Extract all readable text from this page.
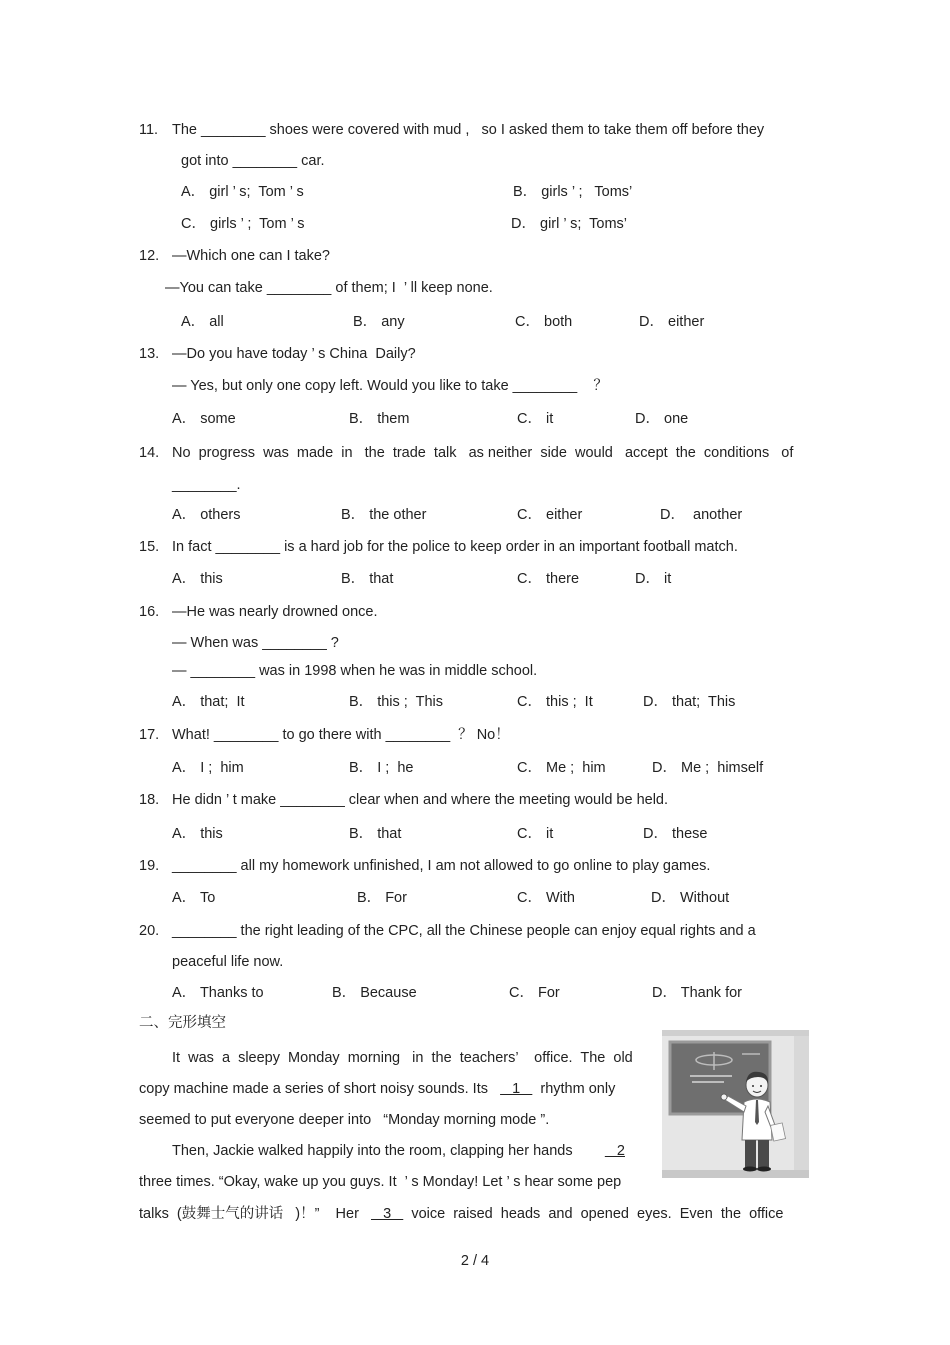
11. The ________ shoes were covered with mud ,   so I asked them to take them off before they
got into ________ car.
A． girl ’ s;  Tom ’ s	B． girls ’ ;   Toms’
C． girls ’ ;  Tom ’ s	D． girl ’ s;  Toms’
12. —Which one can I take?
—You can take ________ of them; I  ’ ll keep none.
A． all	B． any	C． both	D． either
13. —Do you have today ’ s China  Daily?
— Yes, but only one copy left. Would you like to take ________    ？
A． some	B． them	C． it	D． one
14. No  progress  was  made  in   the  trade  talk   as neither  side  would   accept  the  conditions   of
________.
A． others	B． the other	C． either	D．  another
15. In fact ________ is a hard job for the police to keep order in an important football match.
A． this	B． that	C． there	D． it
16. —He was nearly drowned once.
— When was ________ ?
— ________ was in 1998 when he was in middle school.
A． that;  It	B． this ;  This	C． this ;  It	D． that;  This
17. What! ________ to go there with ________  ？ No！
A． I ;  him	B． I ;  he	C． Me ;  him	D． Me ;  himself
18. He didn ’ t make ________ clear when and where the meeting would be held.
A． this	B． that	C． it	D． these
19. ________ all my homework unfinished, I am not allowed to go online to play games.
A． To	B． For	C． With	D． Without
20. ________ the right leading of the CPC, all the Chinese people can enjoy equal rights and a
peaceful life now.
A． Thanks to	B． Because	C． For	D． Thank for
二、完形填空
It  was  a  sleepy  Monday  morning   in  the  teachers’    office.  The  old
copy machine made a series of short noisy sounds. Its      1     rhythm only
seemed to put everyone deeper into   “Monday morning mode ”.
Then, Jackie walked happily into the room, clapping her hands           2
three times. “Okay, wake up you guys. It  ’ s Monday! Let ’ s hear some pep
talks  (鼓舞士气的讲话   )！”    Her      3     voice  raised  heads  and  opened  eyes.  Even  the  office
2 / 4
